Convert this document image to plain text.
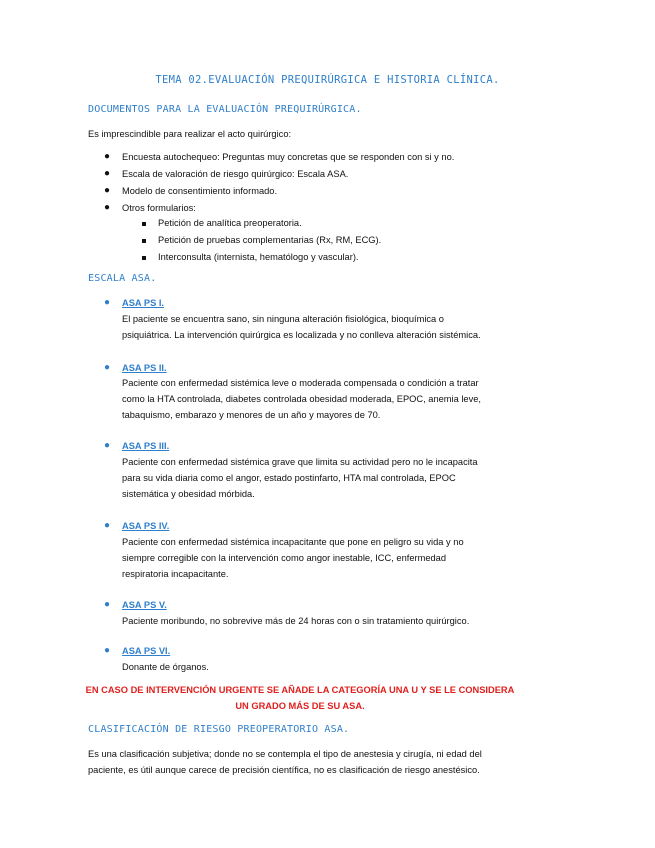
TEMA 02.EVALUACIÓN PREQUIRÚRGICA E HISTORIA CLÍNICA.
DOCUMENTOS PARA LA EVALUACIÓN PREQUIRÚRGICA.
Es imprescindible para realizar el acto quirúrgico:
● Encuesta autochequeo: Preguntas muy concretas que se responden con si y no.
● Escala de valoración de riesgo quirúrgico: Escala ASA.
● Modelo de consentimiento informado.
● Otros formularios:
Petición de analítica preoperatoria.
Petición de pruebas complementarias (Rx, RM, ECG).
Interconsulta (internista, hematólogo y vascular).
ESCALA ASA.
● ASA PS I.
El paciente se encuentra sano, sin ninguna alteración fisiológica, bioquímica o
psiquiátrica. La intervención quirúrgica es localizada y no conlleva alteración sistémica.
● ASA PS II.
Paciente con enfermedad sistémica leve o moderada compensada o condición a tratar
como la HTA controlada, diabetes controlada obesidad moderada, EPOC, anemia leve,
tabaquismo, embarazo y menores de un año y mayores de 70.
● ASA PS III.
Paciente con enfermedad sistémica grave que limita su actividad pero no le incapacita
para su vida diaria como el angor, estado postinfarto, HTA mal controlada, EPOC
sistemática y obesidad mórbida.
● ASA PS IV.
Paciente con enfermedad sistémica incapacitante que pone en peligro su vida y no
siempre corregible con la intervención como angor inestable, ICC, enfermedad
respiratoria incapacitante.
● ASA PS V.
Paciente moribundo, no sobrevive más de 24 horas con o sin tratamiento quirúrgico.
● ASA PS VI.
Donante de órganos.
EN CASO DE INTERVENCIÓN URGENTE SE AÑADE LA CATEGORÍA UNA U Y SE LE CONSIDERA
UN GRADO MÁS DE SU ASA.
CLASIFICACIÓN DE RIESGO PREOPERATORIO ASA.
Es una clasificación subjetiva; donde no se contempla el tipo de anestesia y cirugía, ni edad del
paciente, es útil aunque carece de precisión científica, no es clasificación de riesgo anestésico.
